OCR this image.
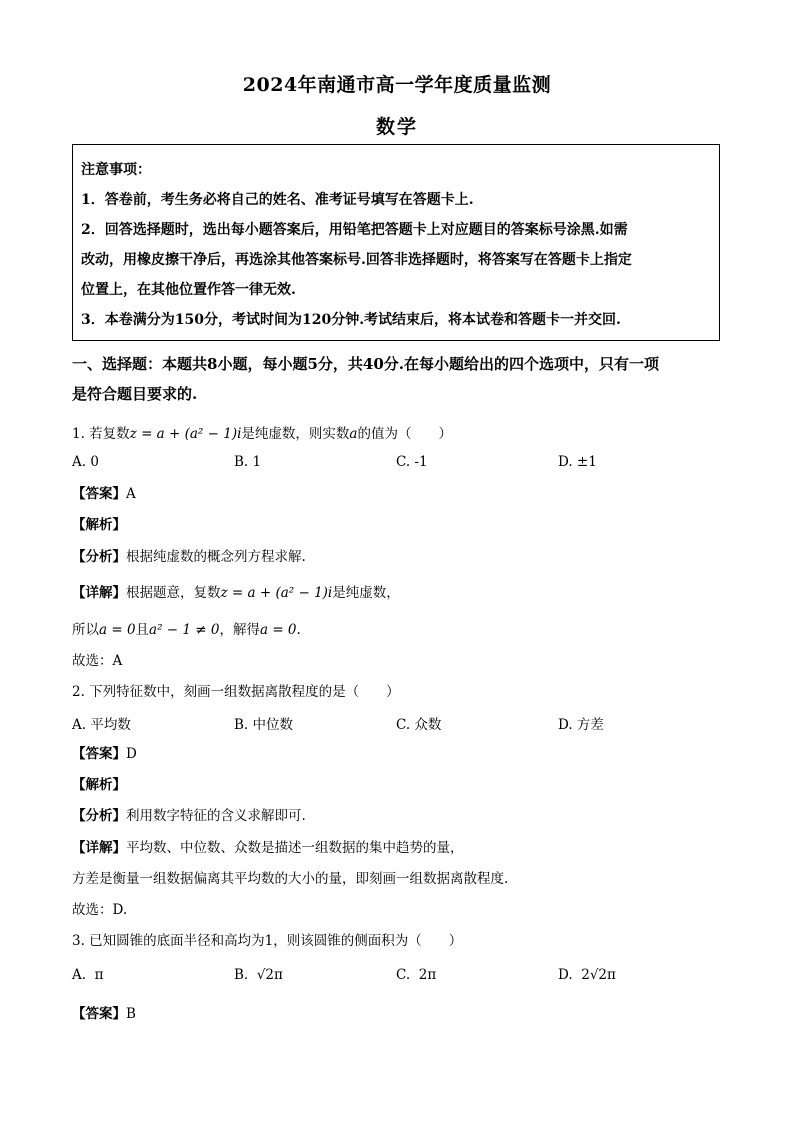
2024年南通市高一学年度质量监测
数学
注意事项：
1．答卷前，考生务必将自己的姓名、准考证号填写在答题卡上.
2．回答选择题时，选出每小题答案后，用铅笔把答题卡上对应题目的答案标号涂黑.如需
改动，用橡皮擦干净后，再选涂其他答案标号.回答非选择题时，将答案写在答题卡上指定
位置上，在其他位置作答一律无效.
3．本卷满分为150分，考试时间为120分钟.考试结束后，将本试卷和答题卡一并交回.
一、选择题：本题共8小题，每小题5分，共40分.在每小题给出的四个选项中，只有一项
是符合题目要求的.
1. 若复数z = a + (a² − 1)i是纯虚数，则实数a的值为（　　）
A. 0	B. 1	C. -1	D. ±1
【答案】A
【解析】
【分析】根据纯虚数的概念列方程求解.
【详解】根据题意，复数z = a + (a² − 1)i是纯虚数，
所以a = 0且a² − 1 ≠ 0，解得a = 0.
故选：A
2. 下列特征数中，刻画一组数据离散程度的是（　　）
A. 平均数	B. 中位数	C. 众数	D. 方差
【答案】D
【解析】
【分析】利用数字特征的含义求解即可.
【详解】平均数、中位数、众数是描述一组数据的集中趋势的量，
方差是衡量一组数据偏离其平均数的大小的量，即刻画一组数据离散程度.
故选：D.
3. 已知圆锥的底面半径和高均为1，则该圆锥的侧面积为（　　）
A. π	B. √2π	C. 2π	D. 2√2π
【答案】B
